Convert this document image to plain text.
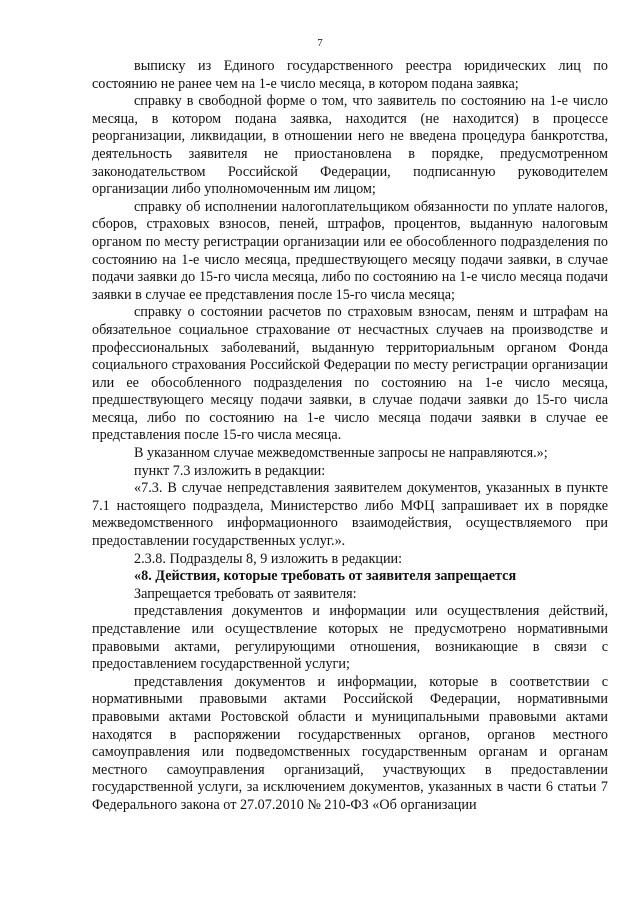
7

выписку из Единого государственного реестра юридических лиц по состоянию не ранее чем на 1-е число месяца, в котором подана заявка;

справку в свободной форме о том, что заявитель по состоянию на 1-е число месяца, в котором подана заявка, находится (не находится) в процессе реорганизации, ликвидации, в отношении него не введена процедура банкротства, деятельность заявителя не приостановлена в порядке, предусмотренном законодательством Российской Федерации, подписанную руководителем организации либо уполномоченным им лицом;

справку об исполнении налогоплательщиком обязанности по уплате налогов, сборов, страховых взносов, пеней, штрафов, процентов, выданную налоговым органом по месту регистрации организации или ее обособленного подразделения по состоянию на 1-е число месяца, предшествующего месяцу подачи заявки, в случае подачи заявки до 15-го числа месяца, либо по состоянию на 1-е число месяца подачи заявки в случае ее представления после 15-го числа месяца;

справку о состоянии расчетов по страховым взносам, пеням и штрафам на обязательное социальное страхование от несчастных случаев на производстве и профессиональных заболеваний, выданную территориальным органом Фонда социального страхования Российской Федерации по месту регистрации организации или ее обособленного подразделения по состоянию на 1-е число месяца, предшествующего месяцу подачи заявки, в случае подачи заявки до 15-го числа месяца, либо по состоянию на 1-е число месяца подачи заявки в случае ее представления после 15-го числа месяца.

В указанном случае межведомственные запросы не направляются.»;

пункт 7.3 изложить в редакции:

«7.3. В случае непредставления заявителем документов, указанных в пункте 7.1 настоящего подраздела, Министерство либо МФЦ запрашивает их в порядке межведомственного информационного взаимодействия, осуществляемого при предоставлении государственных услуг.».

2.3.8. Подразделы 8, 9 изложить в редакции:

«8. Действия, которые требовать от заявителя запрещается

Запрещается требовать от заявителя:

представления документов и информации или осуществления действий, представление или осуществление которых не предусмотрено нормативными правовыми актами, регулирующими отношения, возникающие в связи с предоставлением государственной услуги;

представления документов и информации, которые в соответствии с нормативными правовыми актами Российской Федерации, нормативными правовыми актами Ростовской области и муниципальными правовыми актами находятся в распоряжении государственных органов, органов местного самоуправления или подведомственных государственным органам и органам местного самоуправления организаций, участвующих в предоставлении государственной услуги, за исключением документов, указанных в части 6 статьи 7 Федерального закона от 27.07.2010 № 210-ФЗ «Об организации
